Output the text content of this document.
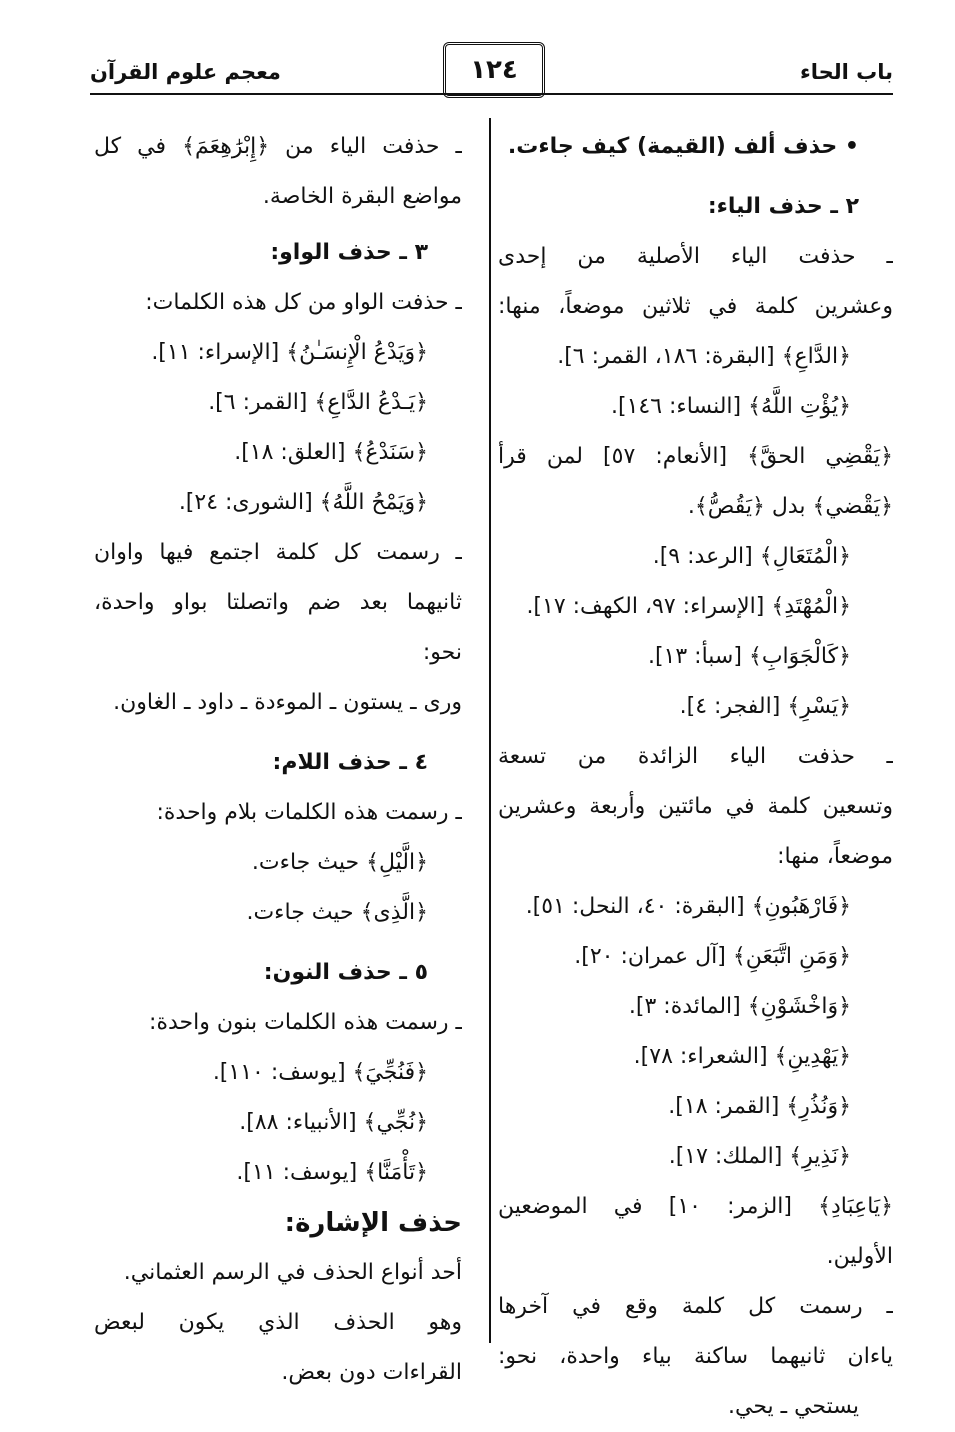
باب الحاء
١٢٤
معجم علوم القرآن
• حذف ألف (القيمة) كيف جاءت.
٢ ـ حذف الياء:
ـ حذفت الياء الأصلية من إحدى
وعشرين كلمة في ثلاثين موضعاً، منها:
﴿الدَّاعِ﴾ [البقرة: ١٨٦، القمر: ٦].
﴿يُؤْتِ اللَّهُ﴾ [النساء: ١٤٦].
﴿يَقْضِي الحقَّ﴾ [الأنعام: ٥٧] لمن قرأ
﴿يَقْضي﴾ بدل ﴿يَقُصُّ﴾.
﴿الْمُتَعَالِ﴾ [الرعد: ٩].
﴿الْمُهْتَدِ﴾ [الإسراء: ٩٧، الكهف: ١٧].
﴿كَالْجَوَابِ﴾ [سبأ: ١٣].
﴿يَسْرِ﴾ [الفجر: ٤].
ـ حذفت الياء الزائدة من تسعة
وتسعين كلمة في مائتين وأربعة وعشرين
موضعاً، منها:
﴿فَارْهَبُونِ﴾ [البقرة: ٤٠، النحل: ٥١].
﴿وَمَنِ اتَّبَعَنِ﴾ [آل عمران: ٢٠].
﴿وَاخْشَوْنِ﴾ [المائدة: ٣].
﴿يَهْدِينِ﴾ [الشعراء: ٧٨].
﴿وَنُذُرِ﴾ [القمر: ١٨].
﴿نَذِيرِ﴾ [الملك: ١٧].
﴿يَاعِبَادِ﴾ [الزمر: ١٠] في الموضعين
الأولين.
ـ رسمت كل كلمة وقع في آخرها
ياءان ثانيهما ساكنة بياء واحدة، نحو:
يستحي ـ يحي.
ـ حذفت الياء من ﴿إِبْرَٰهِعَمَ﴾ في كل
مواضع البقرة الخاصة.
٣ ـ حذف الواو:
ـ حذفت الواو من كل هذه الكلمات:
﴿وَيَدْعُ الْإِنسَـٰنُ﴾ [الإسراء: ١١].
﴿يَـدْعُ الدَّاعِ﴾ [القمر: ٦].
﴿سَنَدْعُ﴾ [العلق: ١٨].
﴿وَيَمْحُ اللَّهُ﴾ [الشورى: ٢٤].
ـ رسمت كل كلمة اجتمع فيها واوان
ثانيهما بعد ضم واتصلتا بواو واحدة،
نحو:
ورى ـ يستون ـ الموءدة ـ داود ـ الغاون.
٤ ـ حذف اللام:
ـ رسمت هذه الكلمات بلام واحدة:
﴿الَّيْلِ﴾ حيث جاءت.
﴿الَّذِى﴾ حيث جاءت.
٥ ـ حذف النون:
ـ رسمت هذه الكلمات بنون واحدة:
﴿فَنُجِّيَ﴾ [يوسف: ١١٠].
﴿نُجِّي﴾ [الأنبياء: ٨٨].
﴿تَأْمَنَّا﴾ [يوسف: ١١].
حذف الإشارة:
أحد أنواع الحذف في الرسم العثماني.
وهو الحذف الذي يكون لبعض
القراءات دون بعض.
